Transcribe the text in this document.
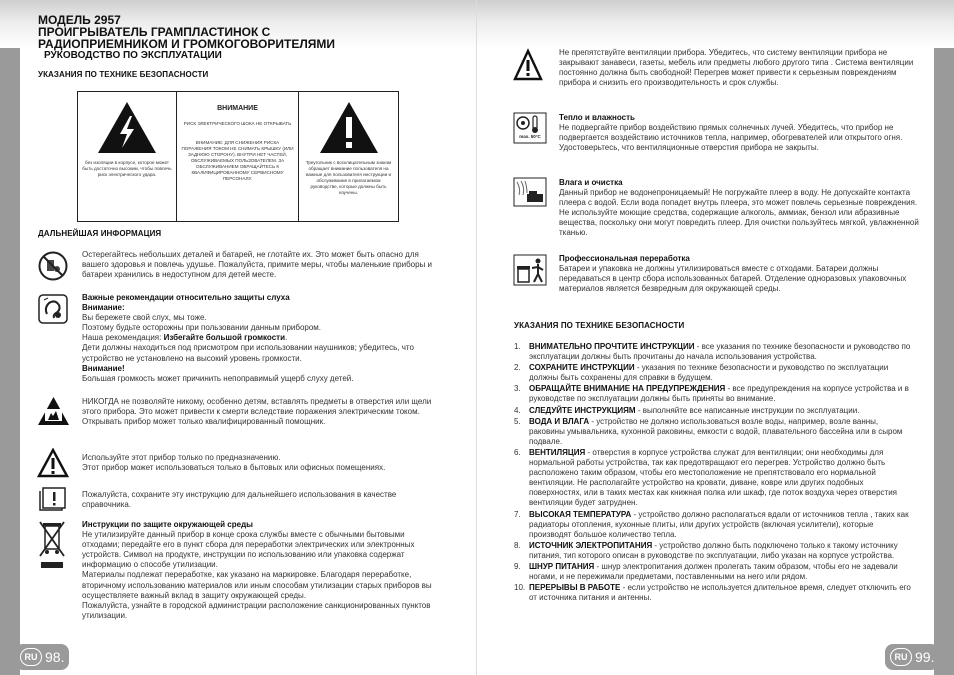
МОДЕЛЬ 2957
ПРОИГРЫВАТЕЛЬ ГРАМПЛАСТИНОК С
РАДИОПРИЕМНИКОМ И ГРОМКОГОВОРИТЕЛЯМИ
РУКОВОДСТВО ПО ЭКСПЛУАТАЦИИ
УКАЗАНИЯ ПО ТЕХНИКЕ БЕЗОПАСНОСТИ
без изоляции в корпусе, которое может быть достаточно высоким, чтобы повлечь риск электрического удара.
ВНИМАНИЕ
РИСК ЭЛЕКТРИЧЕСКОГО ШОКА НЕ ОТКРЫВАТЬ
ВНИМАНИЕ: ДЛЯ СНИЖЕНИЯ РИСКА ПОРАЖЕНИЯ ТОКОМ НЕ СНИМАТЬ КРЫШКУ (ИЛИ ЗАДНЮЮ СТОРОНУ). ВНУТРИ НЕТ ЧАСТЕЙ, ОБСЛУЖИВАЕМЫХ ПОЛЬЗОВАТЕЛЕМ. ЗА ОБСЛУЖИВАНИЕМ ОБРАЩАЙТЕСЬ К КВАЛИФИЦИРОВАННОМУ СЕРВИСНОМУ ПЕРСОНАЛУ.
Треугольник с восклицательным знаком обращает внимание пользователя на важные для пользователя инструкции и обслуживание в прилагаемом руководстве, которые должны быть изучены.
ДАЛЬНЕЙШАЯ ИНФОРМАЦИЯ
Остерегайтесь небольших деталей и батарей, не глотайте их. Это может быть опасно для вашего здоровья и повлечь удушье. Пожалуйста, примите меры, чтобы маленькие приборы и батареи хранились в недоступном для детей месте.
Важные рекомендации относительно защиты слуха
Внимание:
Вы бережете свой слух, мы тоже.
Поэтому будьте осторожны при пользовании данным прибором.
Наша рекомендация: Избегайте большой громкости.
Дети должны находиться под присмотром при использовании наушников; убедитесь, что устройство не установлено на высокий уровень громкости.
Внимание!
Большая громкость может причинить непоправимый ущерб слуху детей.
НИКОГДА не позволяйте никому, особенно детям, вставлять предметы в отверстия или щели этого прибора. Это может привести к смерти вследствие поражения электрическим током. Открывать прибор может только квалифицированный помощник.
Используйте этот прибор только по предназначению.
Этот прибор может использоваться только в бытовых или офисных помещениях.
Пожалуйста, сохраните эту инструкцию для дальнейшего использования в качестве справочника.
Инструкции по защите окружающей среды
Не утилизируйте данный прибор в конце срока службы вместе с обычными бытовыми отходами; передайте его в пункт сбора для переработки электрических или электронных устройств. Символ на продукте, инструкции по использованию или упаковка содержат информацию о способе утилизации.
Материалы подлежат переработке, как указано на маркировке. Благодаря переработке, вторичному использованию материалов или иным способам утилизации старых приборов вы осуществляете важный вклад в защиту окружающей среды.
Пожалуйста, узнайте в городской администрации расположение санкционированных пунктов утилизации.
RU 98.
Не препятствуйте вентиляции прибора. Убедитесь, что систему вентиляции прибора не закрывают занавеси, газеты, мебель или предметы любого другого типа . Система вентиляции постоянно должна быть свободной! Перегрев может привести к серьезным повреждениям прибора и снизить его производительность и срок службы.
max. 50°C
Тепло и влажность
Не подвергайте прибор воздействию прямых солнечных лучей. Убедитесь, что прибор не подвергается воздействию источников тепла, например, обогревателей или открытого огня. Удостоверьтесь, что вентиляционные отверстия прибора не закрыты.
Влага и очистка
Данный прибор не водонепроницаемый! Не погружайте плеер в воду. Не допускайте контакта плеера с водой. Если вода попадет внутрь плеера, это может повлечь серьезные повреждения. Не используйте моющие средства, содержащие алкоголь, аммиак, бензол или абразивные вещества, поскольку они могут повредить плеер. Для очистки пользуйтесь мягкой, увлажненной тканью.
Профессиональная переработка
Батареи и упаковка не должны утилизироваться вместе с отходами. Батареи должны передаваться в центр сбора использованных батарей. Отделение одноразовых упаковочных материалов является безвредным для окружающей среды.
УКАЗАНИЯ ПО ТЕХНИКЕ БЕЗОПАСНОСТИ
1. ВНИМАТЕЛЬНО ПРОЧТИТЕ ИНСТРУКЦИИ - все указания по технике безопасности и руководство по эксплуатации должны быть прочитаны до начала использования устройства.
2. СОХРАНИТЕ ИНСТРУКЦИИ - указания по технике безопасности и руководство по эксплуатации должны быть сохранены для справки в будущем.
3. ОБРАЩАЙТЕ ВНИМАНИЕ НА ПРЕДУПРЕЖДЕНИЯ - все предупреждения на корпусе устройства и в руководстве по эксплуатации должны быть приняты во внимание.
4. СЛЕДУЙТЕ ИНСТРУКЦИЯМ - выполняйте все написанные инструкции по эксплуатации.
5. ВОДА И ВЛАГА - устройство не должно использоваться возле воды, например, возле ванны, раковины умывальника, кухонной раковины, емкости с водой, плавательного бассейна или в сыром подвале.
6. ВЕНТИЛЯЦИЯ - отверстия в корпусе устройства служат для вентиляции; они необходимы для нормальной работы устройства, так как предотвращают его перегрев. Устройство должно быть расположено таким образом, чтобы его местоположение не препятствовало его нормальной вентиляции. Не располагайте устройство на кровати, диване, ковре или других подобных поверхностях, или в таких местах как книжная полка или шкаф, где поток воздуха через отверстия вентиляции будет затруднен.
7. ВЫСОКАЯ ТЕМПЕРАТУРА - устройство должно располагаться вдали от источников тепла , таких как радиаторы отопления, кухонные плиты, или других устройств (включая усилители), которые производят большое количество тепла.
8. ИСТОЧНИК ЭЛЕКТРОПИТАНИЯ - устройство должно быть подключено только к такому источнику питания, тип которого описан в руководстве по эксплуатации, либо указан на корпусе устройства.
9. ШНУР ПИТАНИЯ - шнур электропитания должен пролегать таким образом, чтобы его не задевали ногами, и не пережимали предметами, поставленными на него или рядом.
10. ПЕРЕРЫВЫ В РАБОТЕ - если устройство не используется длительное время, следует отключить его от источника питания и антенны.
RU 99.
